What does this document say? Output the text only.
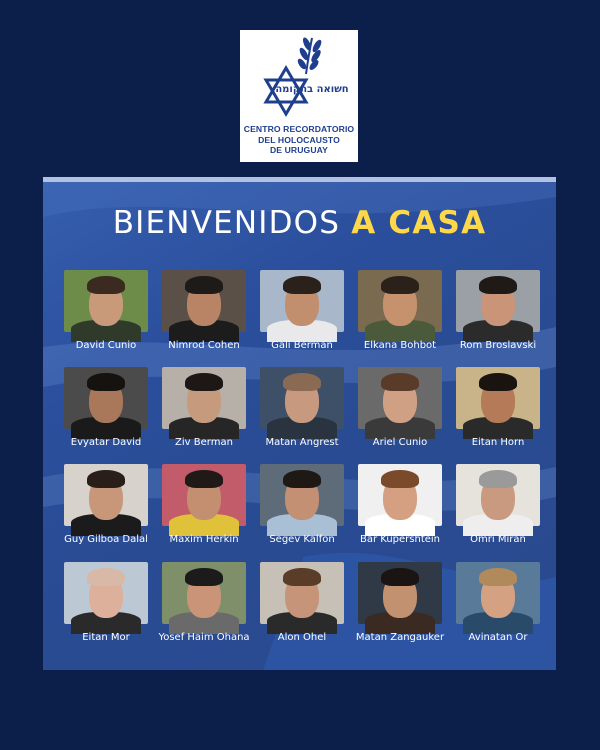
חשואה בתקומה
CENTRO RECORDATORIO
DEL HOLOCAUSTO
DE URUGUAY
BIENVENIDOS A CASA
David Cunio	Nimrod Cohen	Gali Berman	Elkana Bohbot	Rom Broslavski
Evyatar David	Ziv Berman	Matan Angrest	Ariel Cunio	Eitan Horn
Guy Gilboa Dalal	Maxim Herkin	Segev Kalfon	Bar Kupershtein	Omri Miran
Eitan Mor	Yosef Haim Ohana	Alon Ohel	Matan Zangauker	Avinatan Or
